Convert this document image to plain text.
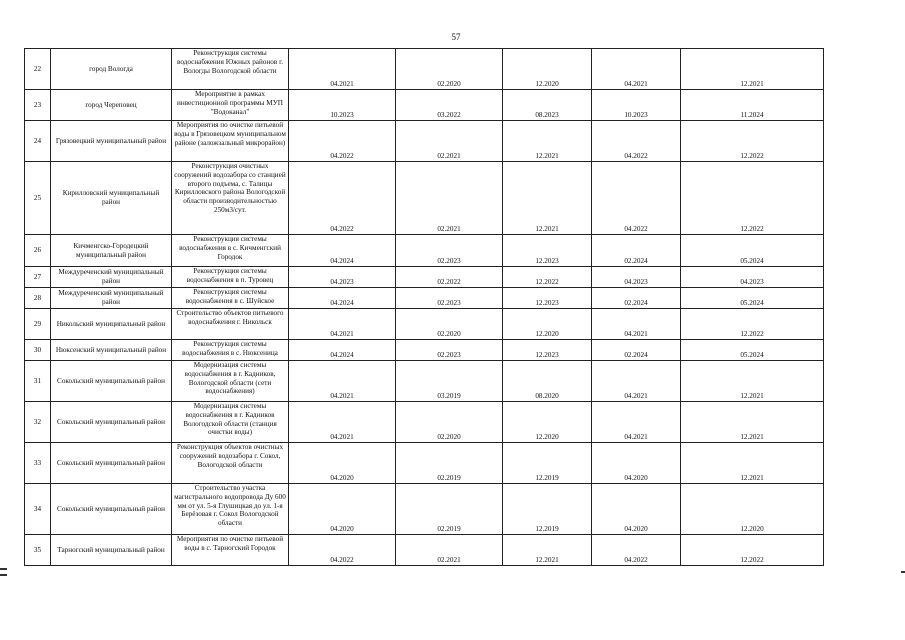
57
22	город Вологда	Реконструкция системы водоснабжения Южных районов г. Вологды Вологодской области	04.2021	02.2020	12.2020	04.2021	12.2021
23	город Череповец	Мероприятие в рамках инвестиционной программы МУП "Водоканал"	10.2023	03.2022	08.2023	10.2023	11.2024
24	Грязовецкий муниципальный район	Мероприятия по очистке питьевой воды в Грязовецком муниципальном районе (заложзальный микрорайон)	04.2022	02.2021	12.2021	04.2022	12.2022
25	Кирилловский муниципальный район	Реконструкция очистных сооружений водозабора со станцией второго подъема, с. Талицы Кирилловского района Вологодской области производительностью 250м3/сут.	04.2022	02.2021	12.2021	04.2022	12.2022
26	Кичменгско-Городецкий муниципальный район	Реконструкция системы водоснабжения в с. Кичменгский Городок	04.2024	02.2023	12.2023	02.2024	05.2024
27	Междуреченский муниципальный район	Реконструкция системы водоснабжения в п. Туровец	04.2023	02.2022	12.2022	04.2023	04.2023
28	Междуреченский муниципальный район	Реконструкция системы водоснабжения в с. Шуйское	04.2024	02.2023	12.2023	02.2024	05.2024
29	Никольский муниципальный район	Строительство объектов питьевого водоснабжения г. Никольск	04.2021	02.2020	12.2020	04.2021	12.2022
30	Нюксенский муниципальный район	Реконструкция системы водоснабжения в с. Нюксеница	04.2024	02.2023	12.2023	02.2024	05.2024
31	Сокольский муниципальный район	Модернизация системы водоснабжения в г. Кадников, Вологодской области (сети водоснабжения)	04.2021	03.2019	08.2020	04.2021	12.2021
32	Сокольский муниципальный район	Модернизация системы водоснабжения в г. Кадников Вологодской области (станция очистки воды)	04.2021	02.2020	12.2020	04.2021	12.2021
33	Сокольский муниципальный район	Реконструкция объектов очистных сооружений водозабора г. Сокол, Вологодской области	04.2020	02.2019	12.2019	04.2020	12.2021
34	Сокольский муниципальный район	Строительство участка магистрального водопровода Ду 600 мм от ул. 5-я Глушицкая до ул. 1-я Берёзовая г. Сокол Вологодской области	04.2020	02.2019	12.2019	04.2020	12.2020
35	Тарногский муниципальный район	Мероприятия по очистке питьевой воды в с. Тарногский Городок	04.2022	02.2021	12.2021	04.2022	12.2022
